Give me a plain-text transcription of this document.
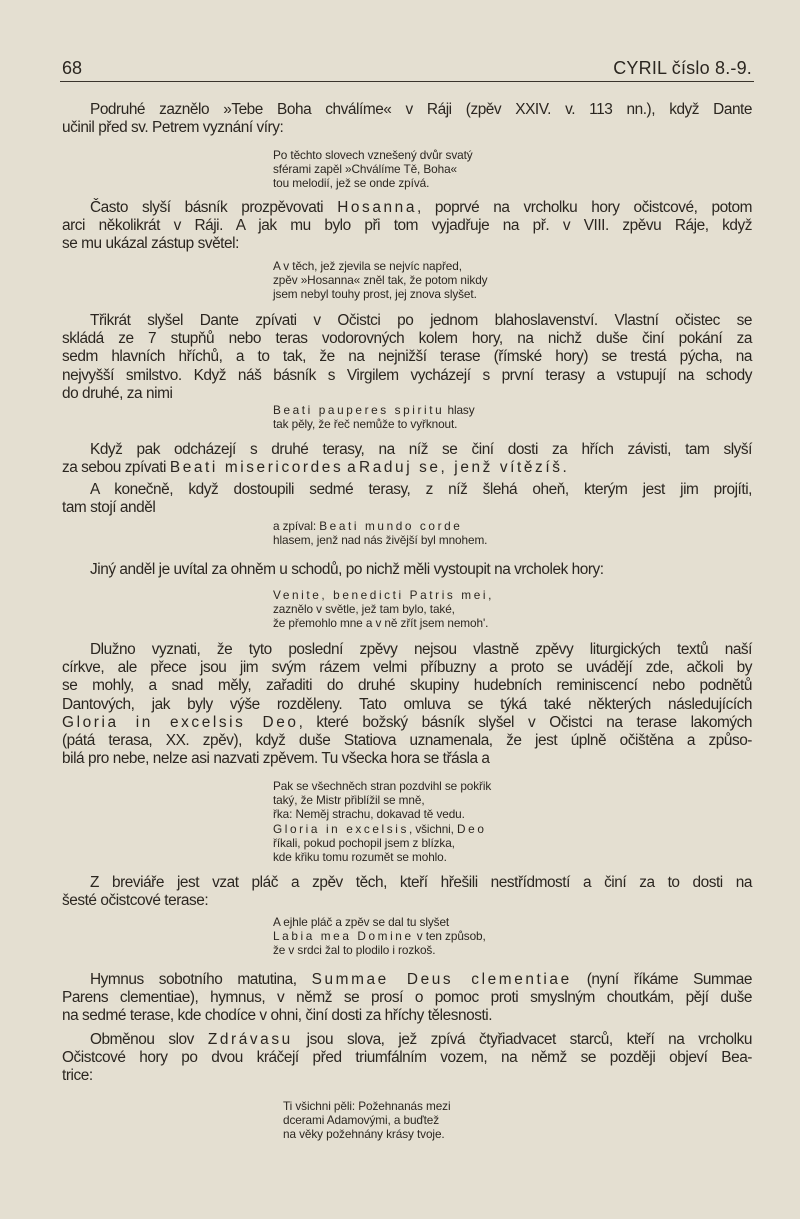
68	CYRIL číslo 8.-9.
Podruhé zaznělo »Tebe Boha chválíme« v Ráji (zpěv XXIV. v. 113 nn.), když Dante
učinil před sv. Petrem vyznání víry:
Po těchto slovech vznešený dvůr svatý
sférami zapěl »Chválíme Tě, Boha«
tou melodií, jež se onde zpívá.
Často slyší básník prozpěvovati Hosanna, poprvé na vrcholku hory očistcové, potom
arci několikrát v Ráji. A jak mu bylo při tom vyjadřuje na př. v VIII. zpěvu Ráje, když
se mu ukázal zástup světel:
A v těch, jež zjevila se nejvíc napřed,
zpěv »Hosanna« zněl tak, že potom nikdy
jsem nebyl touhy prost, jej znova slyšet.
Třikrát slyšel Dante zpívati v Očistci po jednom blahoslavenství. Vlastní očistec se
skládá ze 7 stupňů nebo teras vodorovných kolem hory, na nichž duše činí pokání za
sedm hlavních hříchů, a to tak, že na nejnižší terase (římské hory) se trestá pýcha, na
nejvyšší smilstvo. Když náš básník s Virgilem vycházejí s první terasy a vstupují na schody
do druhé, za nimi
Beati pauperes spiritu hlasy
tak pěly, že řeč nemůže to vyřknout.
Když pak odcházejí s druhé terasy, na níž se činí dosti za hřích závisti, tam slyší
za sebou zpívati Beati misericordes a Raduj se, jenž vítězíš.
A konečně, když dostoupili sedmé terasy, z níž šlehá oheň, kterým jest jim projíti,
tam stojí anděl
a zpíval: Beati mundo corde
hlasem, jenž nad nás živější byl mnohem.
Jiný anděl je uvítal za ohněm u schodů, po nichž měli vystoupit na vrcholek hory:
Venite, benedicti Patris mei,
zaznělo v světle, jež tam bylo, také,
že přemohlo mne a v ně zřít jsem nemoh'.
Dlužno vyznati, že tyto poslední zpěvy nejsou vlastně zpěvy liturgických textů naší
církve, ale přece jsou jim svým rázem velmi příbuzny a proto se uvádějí zde, ačkoli by
se mohly, a snad měly, zařaditi do druhé skupiny hudebních reminiscencí nebo podnětů
Dantových, jak byly výše rozděleny. Tato omluva se týká také některých následujících
Gloria in excelsis Deo, které božský básník slyšel v Očistci na terase lakomých
(pátá terasa, XX. zpěv), když duše Statiova uznamenala, že jest úplně očištěna a způso-
bilá pro nebe, nelze asi nazvati zpěvem. Tu všecka hora se třásla a
Pak se všechněch stran pozdvihl se pokřik
taký, že Mistr přiblížil se mně,
řka: Neměj strachu, dokavad tě vedu.
Gloria in excelsis, všichni, Deo
říkali, pokud pochopil jsem z blízka,
kde křiku tomu rozumět se mohlo.
Z breviáře jest vzat pláč a zpěv těch, kteří hřešili nestřídmostí a činí za to dosti na
šesté očistcové terase:
A ejhle pláč a zpěv se dal tu slyšet
Labia mea Domine v ten způsob,
že v srdci žal to plodilo i rozkoš.
Hymnus sobotního matutina, Summae Deus clementiae (nyní říkáme Summae
Parens clementiae), hymnus, v němž se prosí o pomoc proti smyslným choutkám, pějí duše
na sedmé terase, kde chodíce v ohni, činí dosti za hříchy tělesnosti.
Obměnou slov Zdrávasu jsou slova, jež zpívá čtyřiadvacet starců, kteří na vrcholku
Očistcové hory po dvou kráčejí před triumfálním vozem, na němž se později objeví Bea-
trice:
Ti všichni pěli: Požehnanás mezi
dcerami Adamovými, a buďtež
na věky požehnány krásy tvoje.
